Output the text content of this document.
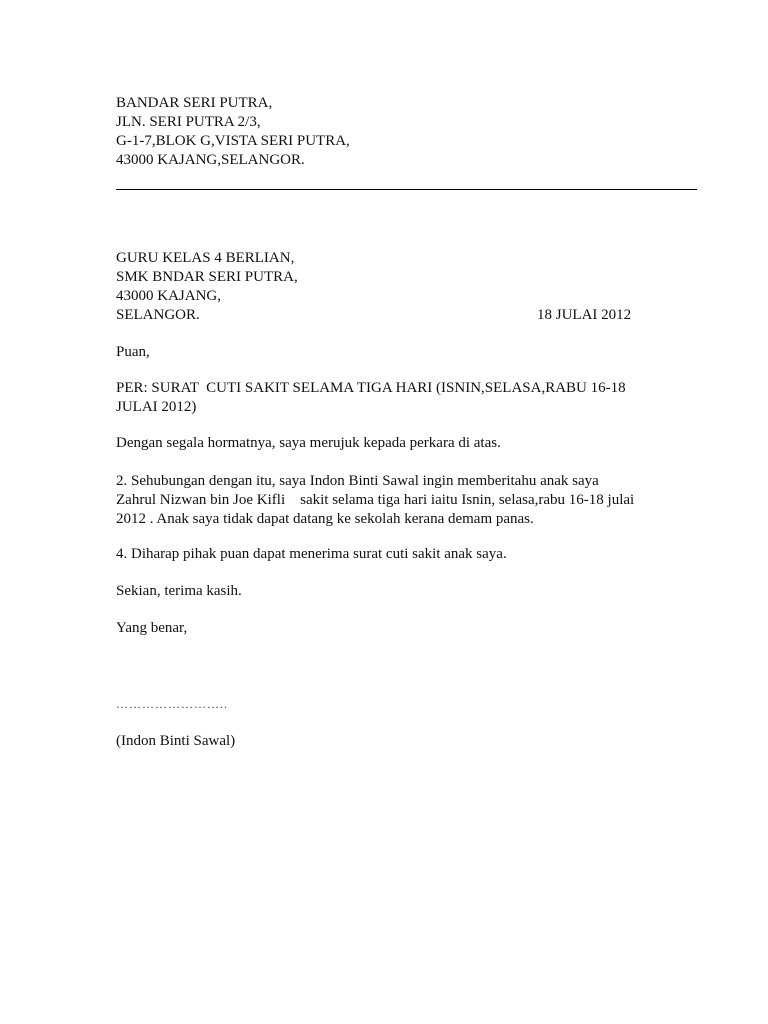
BANDAR SERI PUTRA,
JLN. SERI PUTRA 2/3,
G-1-7,BLOK G,VISTA SERI PUTRA,
43000 KAJANG,SELANGOR.
GURU KELAS 4 BERLIAN,
SMK BNDAR SERI PUTRA,
43000 KAJANG,
SELANGOR.	18 JULAI 2012
Puan,
PER: SURAT  CUTI SAKIT SELAMA TIGA HARI (ISNIN,SELASA,RABU 16-18
JULAI 2012)
Dengan segala hormatnya, saya merujuk kepada perkara di atas.
2. Sehubungan dengan itu, saya Indon Binti Sawal ingin memberitahu anak saya
Zahrul Nizwan bin Joe Kifli    sakit selama tiga hari iaitu Isnin, selasa,rabu 16-18 julai
2012 . Anak saya tidak dapat datang ke sekolah kerana demam panas.
4. Diharap pihak puan dapat menerima surat cuti sakit anak saya.
Sekian, terima kasih.
Yang benar,
……………………..
(Indon Binti Sawal)
